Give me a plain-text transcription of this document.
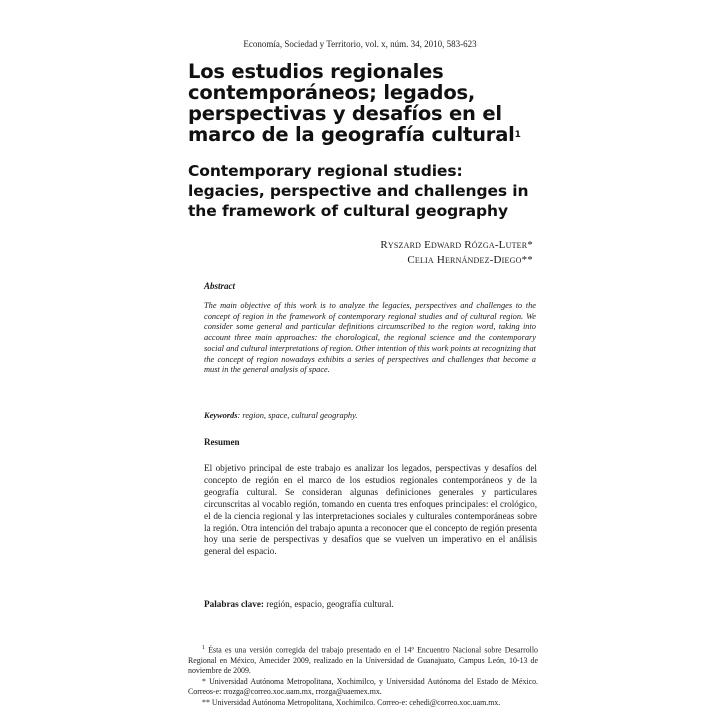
Economía, Sociedad y Territorio, vol. x, núm. 34, 2010, 583-623
Los estudios regionales contemporáneos; legados, perspectivas y desafíos en el marco de la geografía cultural$^1$
Contemporary regional studies: legacies, perspective and challenges in the framework of cultural geography
Ryszard Edward Rózga-Luter*
Celia Hernández-Diego**
Abstract
The main objective of this work is to analyze the legacies, perspectives and challenges to the concept of region in the framework of contemporary regional studies and of cultural region. We consider some general and particular definitions circumscribed to the region word, taking into account three main approaches: the chorological, the regional science and the contemporary social and cultural interpretations of region. Other intention of this work points at recognizing that the concept of region nowadays exhibits a series of perspectives and challenges that become a must in the general analysis of space.
Keywords: region, space, cultural geography.
Resumen
El objetivo principal de este trabajo es analizar los legados, perspectivas y desafíos del concepto de región en el marco de los estudios regionales contemporáneos y de la geografía cultural. Se consideran algunas definiciones generales y particulares circunscritas al vocablo región, tomando en cuenta tres enfoques principales: el crológico, el de la ciencia regional y las interpretaciones sociales y culturales contemporáneas sobre la región. Otra intención del trabajo apunta a reconocer que el concepto de región presenta hoy una serie de perspectivas y desafíos que se vuelven un imperativo en el análisis general del espacio.
Palabras clave: región, espacio, geografía cultural.

$^1$ Ésta es una versión corregida del trabajo presentado en el 14º Encuentro Nacional sobre Desarrollo Regional en México, Amecider 2009, realizado en la Universidad de Guanajuato, Campus León, 10-13 de noviembre de 2009.

* Universidad Autónoma Metropolitana, Xochimilco, y Universidad Autónoma del Estado de México. Correos-e: rrozga@correo.xoc.uam.mx, rrozga@uaemex.mx.

** Universidad Autónoma Metropolitana, Xochimilco. Correo-e: cehedi@correo.xoc.uam.mx.
